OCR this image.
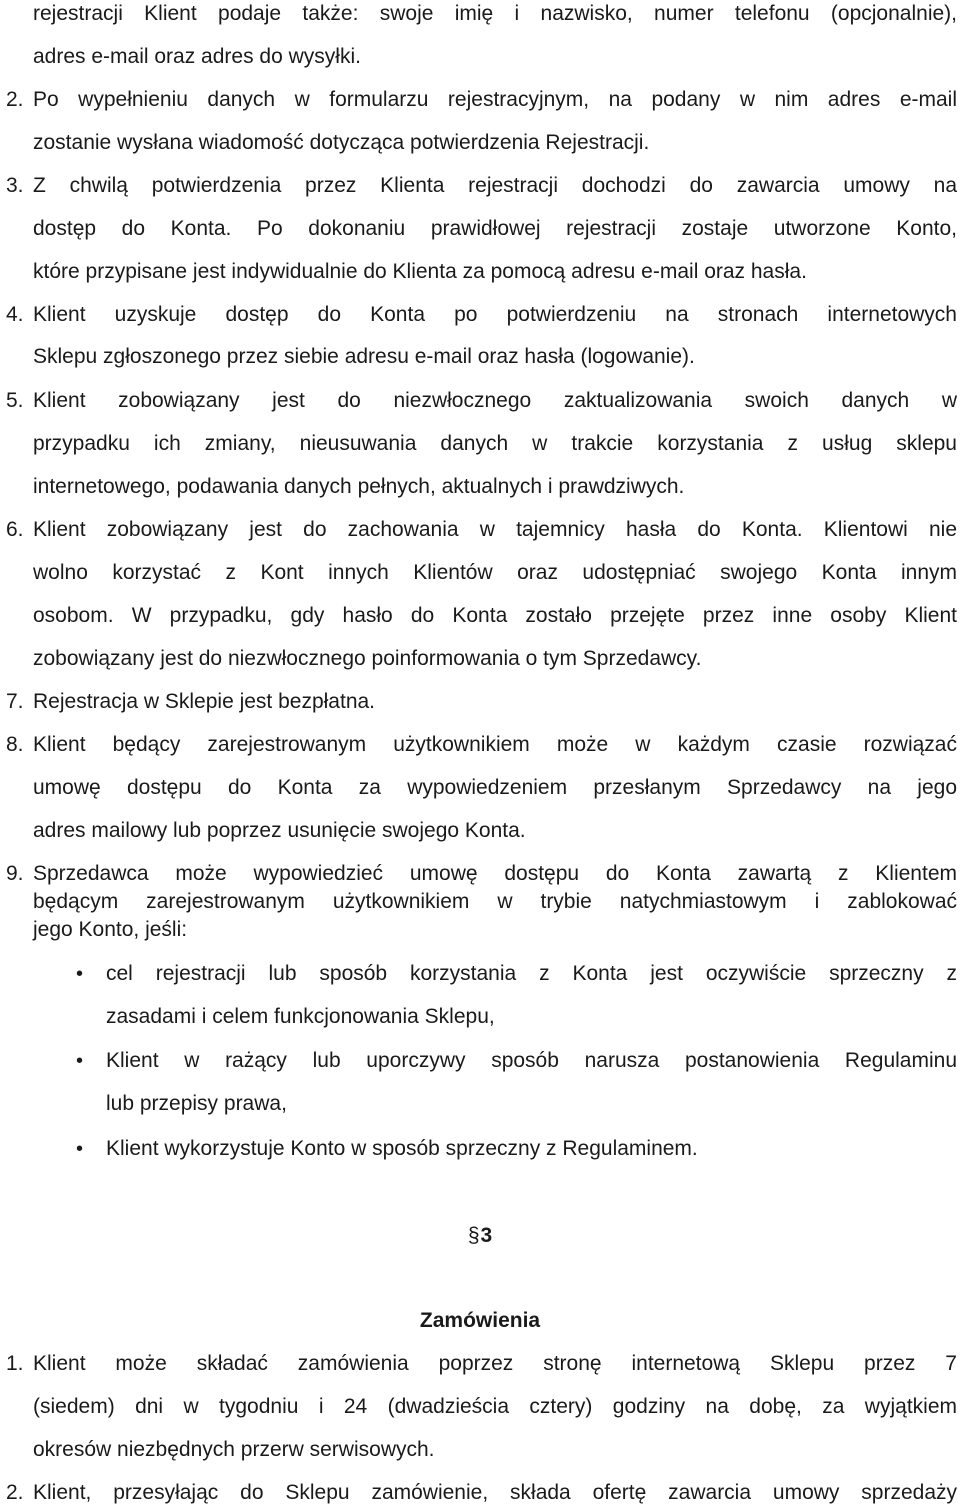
rejestracji Klient podaje także: swoje imię i nazwisko, numer telefonu (opcjonalnie),
adres e-mail oraz adres do wysyłki.
2. Po wypełnieniu danych w formularzu rejestracyjnym, na podany w nim adres e-mail
zostanie wysłana wiadomość dotycząca potwierdzenia Rejestracji.
3. Z chwilą potwierdzenia przez Klienta rejestracji dochodzi do zawarcia umowy na
dostęp do Konta. Po dokonaniu prawidłowej rejestracji zostaje utworzone Konto,
które przypisane jest indywidualnie do Klienta za pomocą adresu e-mail oraz hasła.
4. Klient uzyskuje dostęp do Konta po potwierdzeniu na stronach internetowych
Sklepu zgłoszonego przez siebie adresu e-mail oraz hasła (logowanie).
5. Klient zobowiązany jest do niezwłocznego zaktualizowania swoich danych w
przypadku ich zmiany, nieusuwania danych w trakcie korzystania z usług sklepu
internetowego, podawania danych pełnych, aktualnych i prawdziwych.
6. Klient zobowiązany jest do zachowania w tajemnicy hasła do Konta. Klientowi nie
wolno korzystać z Kont innych Klientów oraz udostępniać swojego Konta innym
osobom. W przypadku, gdy hasło do Konta zostało przejęte przez inne osoby Klient
zobowiązany jest do niezwłocznego poinformowania o tym Sprzedawcy.
7. Rejestracja w Sklepie jest bezpłatna.
8. Klient będący zarejestrowanym użytkownikiem może w każdym czasie rozwiązać
umowę dostępu do Konta za wypowiedzeniem przesłanym Sprzedawcy na jego
adres mailowy lub poprzez usunięcie swojego Konta.
9. Sprzedawca może wypowiedzieć umowę dostępu do Konta zawartą z Klientem
będącym zarejestrowanym użytkownikiem w trybie natychmiastowym i zablokować
jego Konto, jeśli:
•	cel rejestracji lub sposób korzystania z Konta jest oczywiście sprzeczny z
zasadami i celem funkcjonowania Sklepu,
•	Klient w rażący lub uporczywy sposób narusza postanowienia Regulaminu
lub przepisy prawa,
•	Klient wykorzystuje Konto w sposób sprzeczny z Regulaminem.
§3
Zamówienia
1. Klient może składać zamówienia poprzez stronę internetową Sklepu przez 7
(siedem) dni w tygodniu i 24 (dwadzieścia cztery) godziny na dobę, za wyjątkiem
okresów niezbędnych przerw serwisowych.
2. Klient, przesyłając do Sklepu zamówienie, składa ofertę zawarcia umowy sprzedaży
